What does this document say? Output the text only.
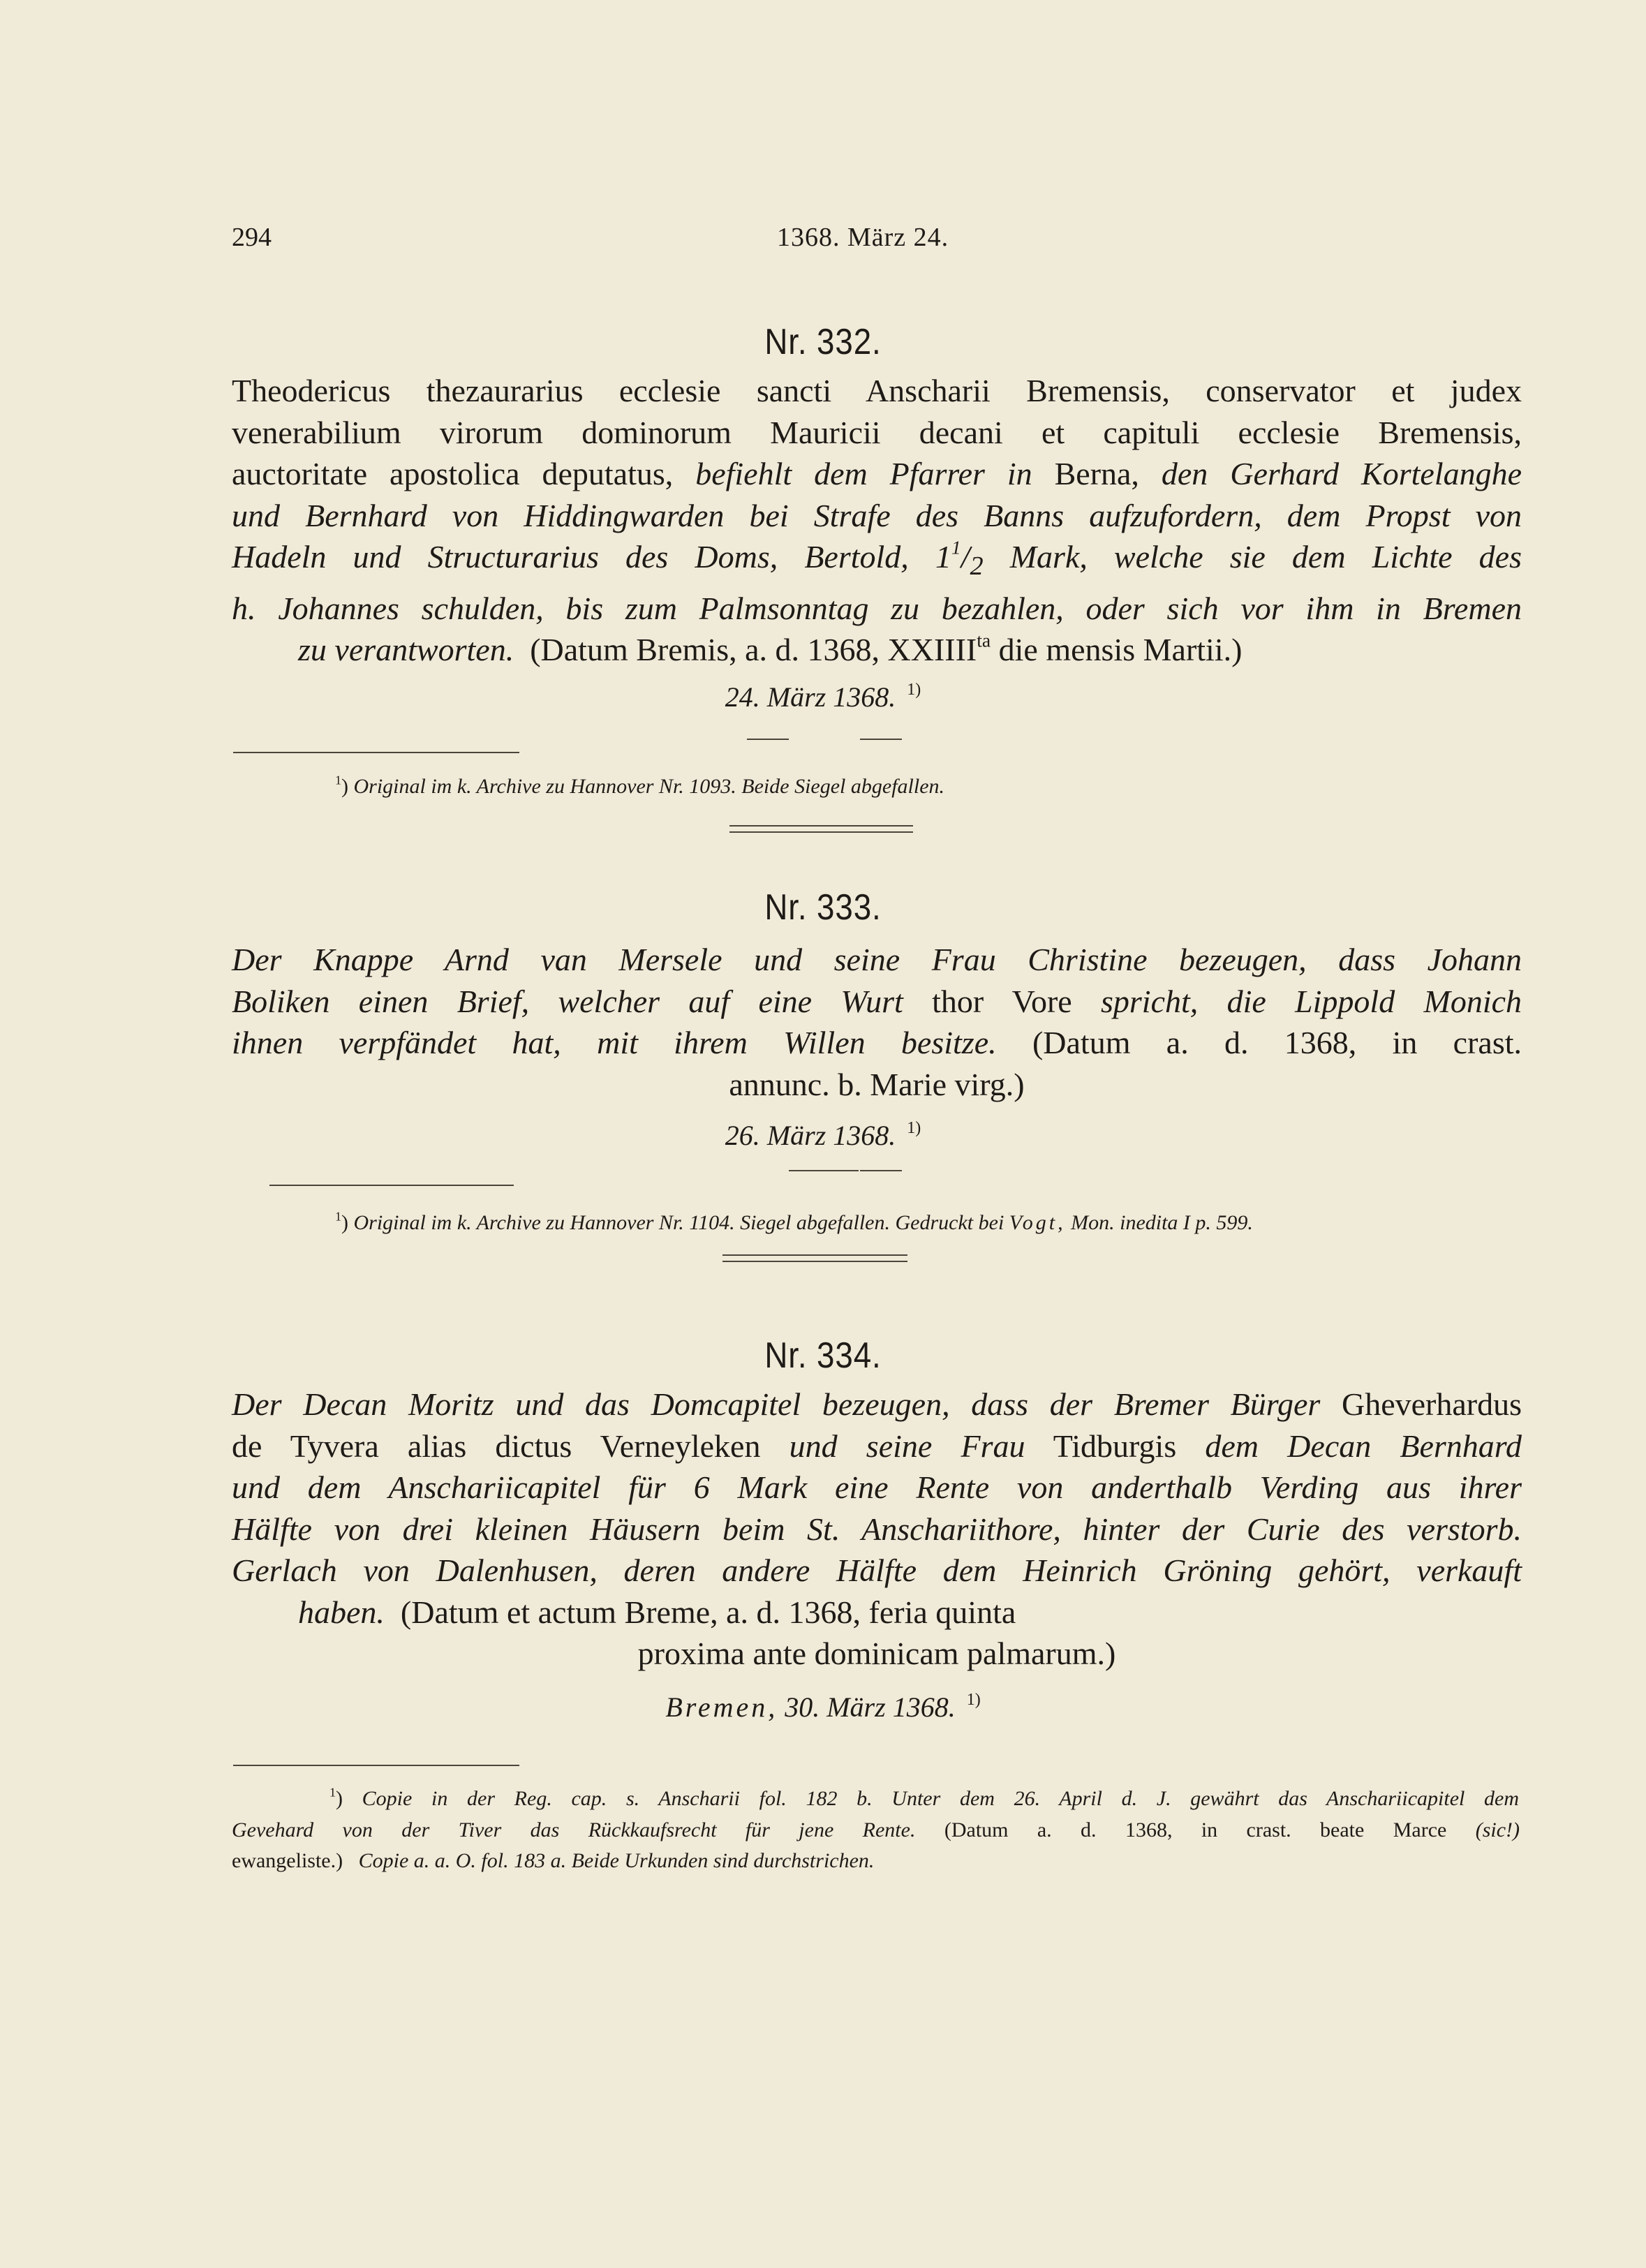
294	1368. März 24.
Nr. 332.
Theodericus thezaurarius ecclesie sancti Anscharii Bremensis, conservator et judex
venerabilium virorum dominorum Mauricii decani et capituli ecclesie Bremensis,
auctoritate apostolica deputatus, befiehlt dem Pfarrer in Berna, den Gerhard Kortelanghe
und Bernhard von Hiddingwarden bei Strafe des Banns aufzufordern, dem Propst von
Hadeln und Structurarius des Doms, Bertold, $1^1/_2$ Mark, welche sie dem Lichte des
h. Johannes schulden, bis zum Palmsonntag zu bezahlen, oder sich vor ihm in Bremen
zu verantworten. (Datum Bremis, a. d. 1368, $XXIIII^{ta}$ die mensis Martii.)
24. März 1368. $^{1)}$
$^1$) Original im k. Archive zu Hannover Nr. 1093. Beide Siegel abgefallen.
Nr. 333.
Der Knappe Arnd van Mersele und seine Frau Christine bezeugen, dass Johann
Boliken einen Brief, welcher auf eine Wurt thor Vore spricht, die Lippold Monich
ihnen verpfändet hat, mit ihrem Willen besitze. (Datum a. d. 1368, in crast.
annunc. b. Marie virg.)
26. März 1368. $^{1)}$
$^1$) Original im k. Archive zu Hannover Nr. 1104. Siegel abgefallen. Gedruckt bei Vogt, Mon. inedita I p. 599.
Nr. 334.
Der Decan Moritz und das Domcapitel bezeugen, dass der Bremer Bürger Gheverhardus
de Tyvera alias dictus Verneyleken und seine Frau Tidburgis dem Decan Bernhard
und dem Anschariicapitel für 6 Mark eine Rente von anderthalb Verding aus ihrer
Hälfte von drei kleinen Häusern beim St. Anschariithore, hinter der Curie des verstorb.
Gerlach von Dalenhusen, deren andere Hälfte dem Heinrich Gröning gehört, verkauft
haben. (Datum et actum Breme, a. d. 1368, feria quinta
proxima ante dominicam palmarum.)
Bremen, 30. März 1368. $^{1)}$
$^1$) Copie in der Reg. cap. s. Anscharii fol. 182 b. Unter dem 26. April d. J. gewährt das Anschariicapitel dem
Gevehard von der Tiver das Rückkaufsrecht für jene Rente. (Datum a. d. 1368, in crast. beate Marce (sic!)
ewangeliste.) Copie a. a. O. fol. 183 a. Beide Urkunden sind durchstrichen.
